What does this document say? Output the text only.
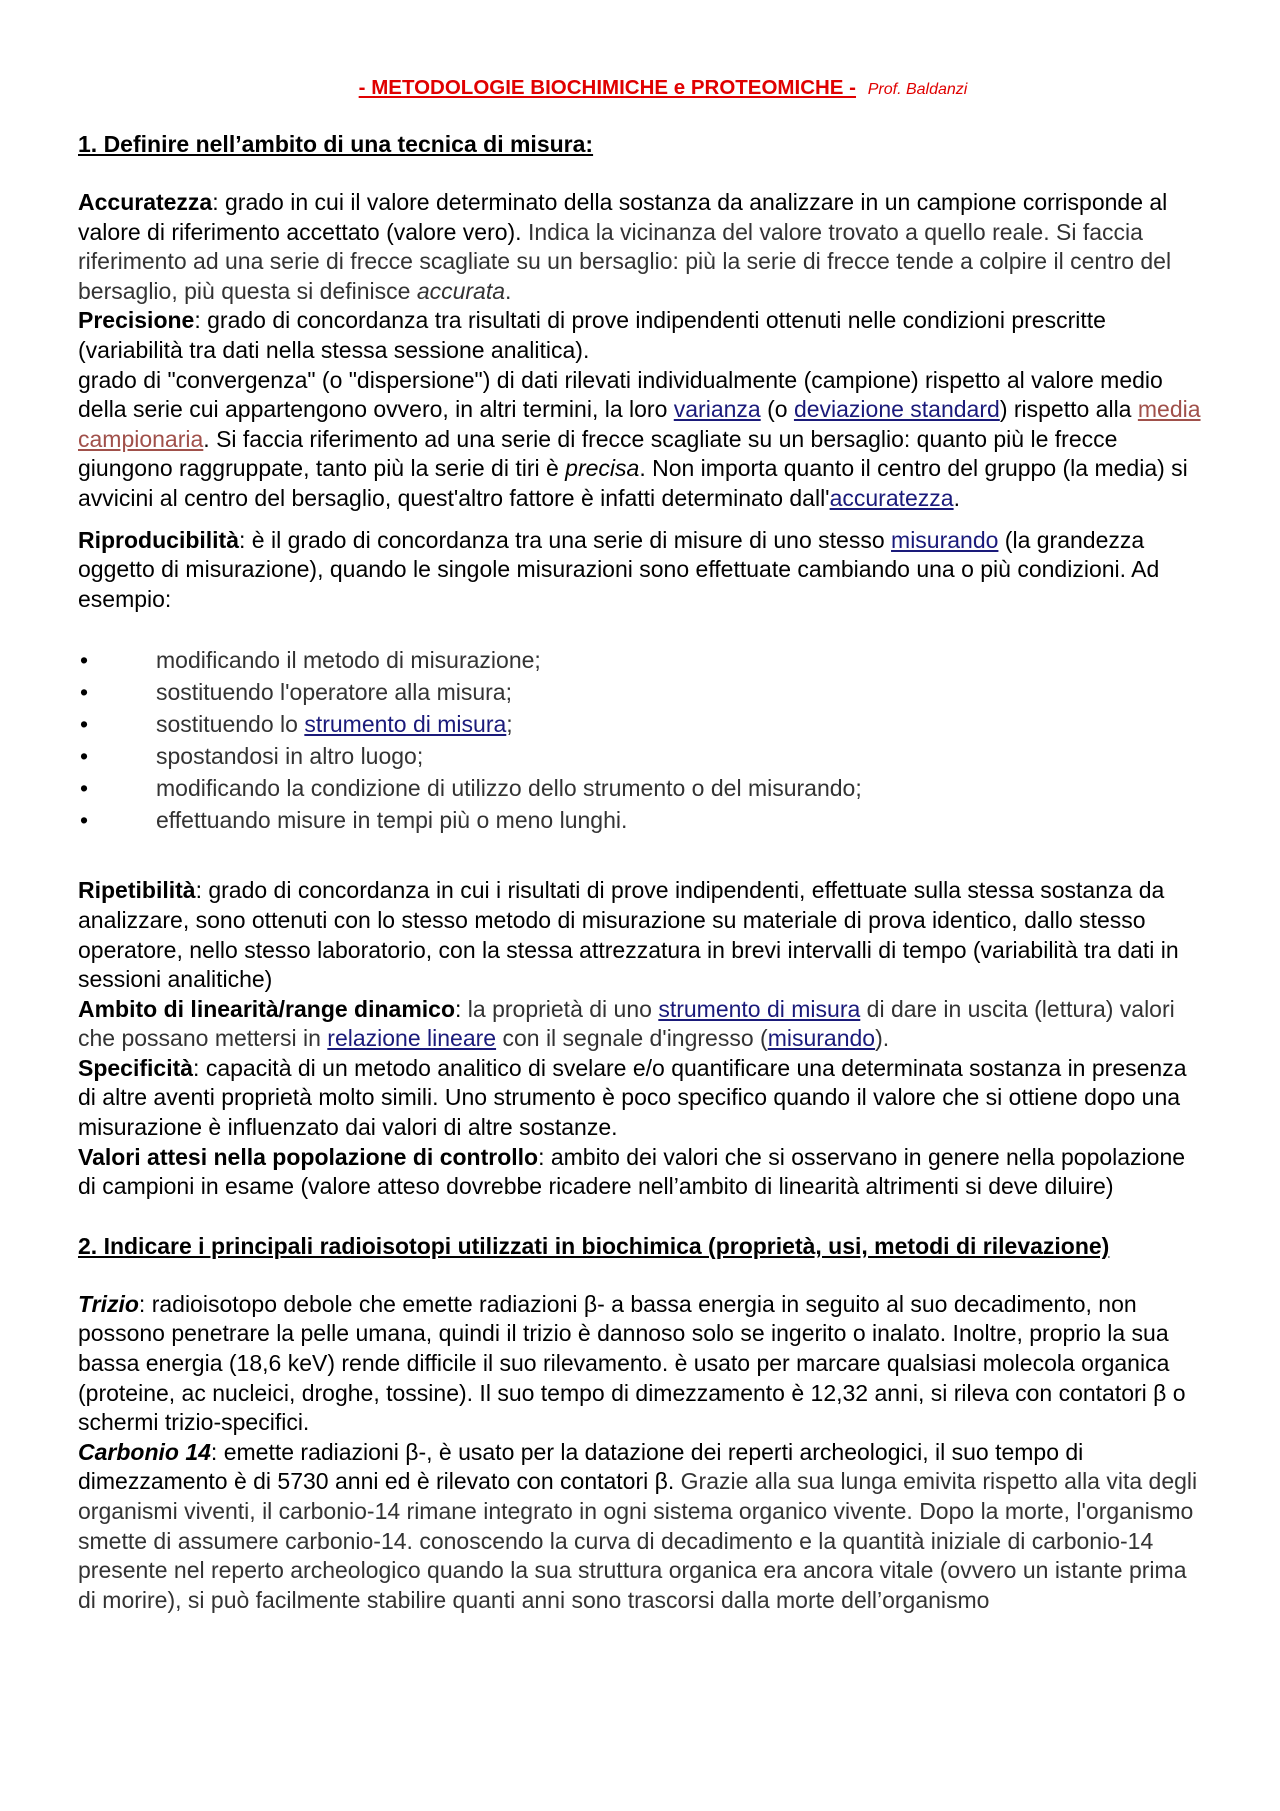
- METODOLOGIE BIOCHIMICHE e PROTEOMICHE - Prof. Baldanzi

1. Definire nell’ambito di una tecnica di misura:

Accuratezza: grado in cui il valore determinato della sostanza da analizzare in un campione corrisponde al valore di riferimento accettato (valore vero). Indica la vicinanza del valore trovato a quello reale. Si faccia riferimento ad una serie di frecce scagliate su un bersaglio: più la serie di frecce tende a colpire il centro del bersaglio, più questa si definisce accurata.

Precisione: grado di concordanza tra risultati di prove indipendenti ottenuti nelle condizioni prescritte (variabilità tra dati nella stessa sessione analitica).

grado di "convergenza" (o "dispersione") di dati rilevati individualmente (campione) rispetto al valore medio della serie cui appartengono ovvero, in altri termini, la loro varianza (o deviazione standard) rispetto alla media campionaria. Si faccia riferimento ad una serie di frecce scagliate su un bersaglio: quanto più le frecce giungono raggruppate, tanto più la serie di tiri è precisa. Non importa quanto il centro del gruppo (la media) si avvicini al centro del bersaglio, quest'altro fattore è infatti determinato dall'accuratezza.

Riproducibilità: è il grado di concordanza tra una serie di misure di uno stesso misurando (la grandezza oggetto di misurazione), quando le singole misurazioni sono effettuate cambiando una o più condizioni. Ad esempio:

• modificando il metodo di misurazione;
• sostituendo l'operatore alla misura;
• sostituendo lo strumento di misura;
• spostandosi in altro luogo;
• modificando la condizione di utilizzo dello strumento o del misurando;
• effettuando misure in tempi più o meno lunghi.

Ripetibilità: grado di concordanza in cui i risultati di prove indipendenti, effettuate sulla stessa sostanza da analizzare, sono ottenuti con lo stesso metodo di misurazione su materiale di prova identico, dallo stesso operatore, nello stesso laboratorio, con la stessa attrezzatura in brevi intervalli di tempo (variabilità tra dati in sessioni analitiche)

Ambito di linearità/range dinamico: la proprietà di uno strumento di misura di dare in uscita (lettura) valori che possano mettersi in relazione lineare con il segnale d'ingresso (misurando).

Specificità: capacità di un metodo analitico di svelare e/o quantificare una determinata sostanza in presenza di altre aventi proprietà molto simili. Uno strumento è poco specifico quando il valore che si ottiene dopo una misurazione è influenzato dai valori di altre sostanze.

Valori attesi nella popolazione di controllo: ambito dei valori che si osservano in genere nella popolazione di campioni in esame (valore atteso dovrebbe ricadere nell’ambito di linearità altrimenti si deve diluire)

2. Indicare i principali radioisotopi utilizzati in biochimica (proprietà, usi, metodi di rilevazione)

Trizio: radioisotopo debole che emette radiazioni β- a bassa energia in seguito al suo decadimento, non possono penetrare la pelle umana, quindi il trizio è dannoso solo se ingerito o inalato. Inoltre, proprio la sua bassa energia (18,6 keV) rende difficile il suo rilevamento. è usato per marcare qualsiasi molecola organica (proteine, ac nucleici, droghe, tossine). Il suo tempo di dimezzamento è 12,32 anni, si rileva con contatori β o schermi trizio-specifici.

Carbonio 14: emette radiazioni β-, è usato per la datazione dei reperti archeologici, il suo tempo di dimezzamento è di 5730 anni ed è rilevato con contatori β. Grazie alla sua lunga emivita rispetto alla vita degli organismi viventi, il carbonio-14 rimane integrato in ogni sistema organico vivente. Dopo la morte, l'organismo smette di assumere carbonio-14. conoscendo la curva di decadimento e la quantità iniziale di carbonio-14 presente nel reperto archeologico quando la sua struttura organica era ancora vitale (ovvero un istante prima di morire), si può facilmente stabilire quanti anni sono trascorsi dalla morte dell’organismo
